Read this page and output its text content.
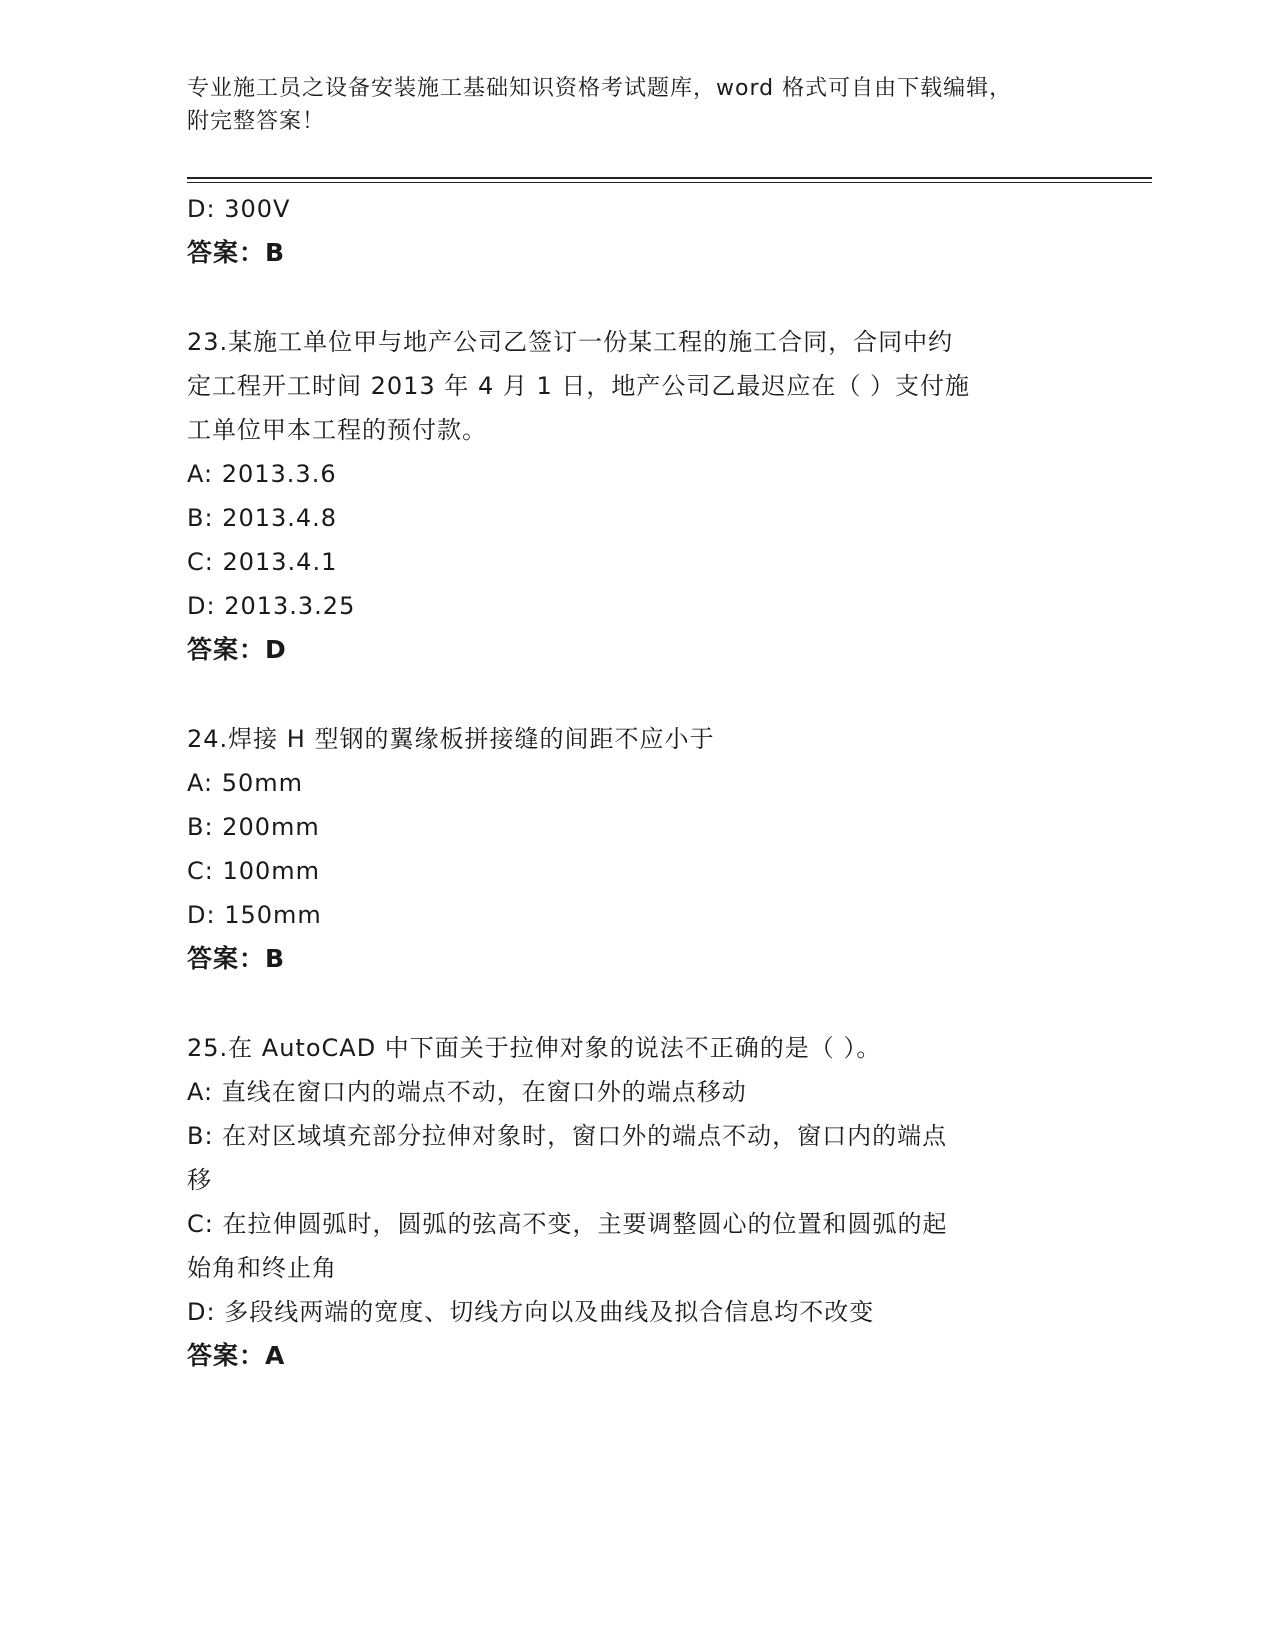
专业施工员之设备安装施工基础知识资格考试题库，word 格式可自由下载编辑，
附完整答案！
D: 300V
答案：B
23.某施工单位甲与地产公司乙签订一份某工程的施工合同，合同中约
定工程开工时间 2013 年 4 月 1 日，地产公司乙最迟应在（ ）支付施
工单位甲本工程的预付款。
A: 2013.3.6
B: 2013.4.8
C: 2013.4.1
D: 2013.3.25
答案：D
24.焊接 H 型钢的翼缘板拼接缝的间距不应小于
A: 50mm
B: 200mm
C: 100mm
D: 150mm
答案：B
25.在 AutoCAD 中下面关于拉伸对象的说法不正确的是（ ）。
A: 直线在窗口内的端点不动，在窗口外的端点移动
B: 在对区域填充部分拉伸对象时，窗口外的端点不动，窗口内的端点
移
C: 在拉伸圆弧时，圆弧的弦高不变，主要调整圆心的位置和圆弧的起
始角和终止角
D: 多段线两端的宽度、切线方向以及曲线及拟合信息均不改变
答案：A
